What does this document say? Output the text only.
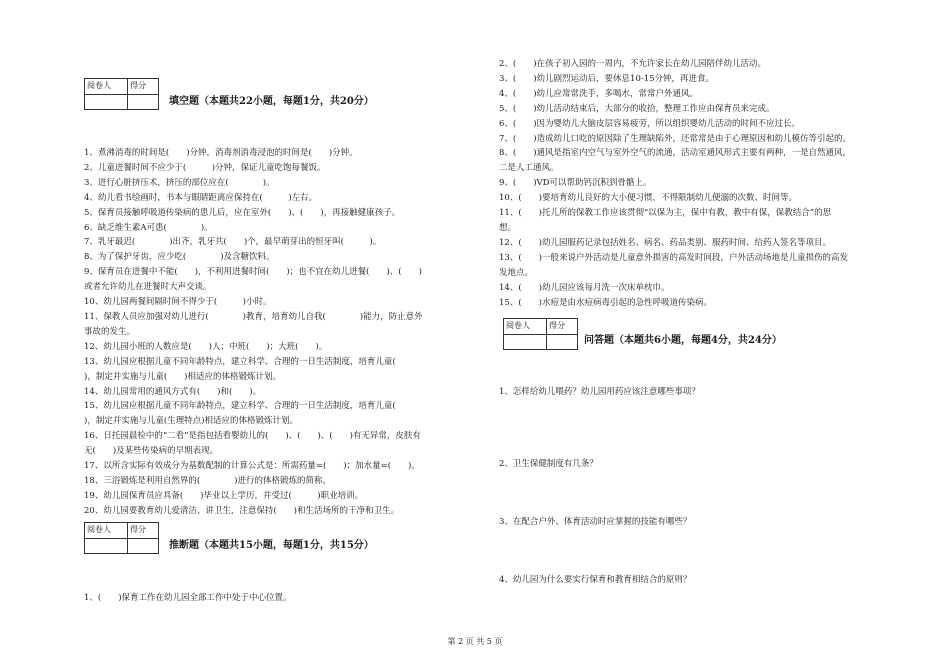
阅卷人	得分

填空题（本题共22小题，每题1分，共20分）
1、煮沸消毒的时间是(　　)分钟，消毒剂消毒浸泡的时间是(　　)分钟。
2、儿童进餐时间不应少于(　　　)分钟，保证儿童吃饱每餐饭。
3、进行心脏挤压术，挤压的部位应在(　　　　)。
4、幼儿看书绘画时，书本与眼睛距离应保持在(　　　)左右。
5、保育员接触呼吸道传染病的患儿后，应在室外(　　)、(　　)，再接触健康孩子。
6、缺乏维生素A可患(　　　　)。
7、乳牙最迟(　　　　)出齐，乳牙共(　　)个，最早萌芽出的恒牙叫(　　　)。
8、为了保护牙齿，应少吃(　　　　)及含糖饮料。
9、保育员在进餐中不能(　　)，不利用进餐时间(　　)；也不宜在幼儿进餐(　　)、(　　)
或者允许幼儿在进餐时大声交谈。
10、幼儿园两餐间隔时间不得少于(　　　)小时。
11、保教人员应加强对幼儿进行(　　　　)教育，培育幼儿自我(　　　　)能力，防止意外
事故的发生。
12、幼儿园小班的人数应是(　　)人；中班(　　)；大班(　　)。
13、幼儿园应根据儿童不同年龄特点，建立科学、合理的一日生活制度，培育儿童(　　
)，制定并实施与儿童(　　)相适应的体格锻炼计划。
14、幼儿园常用的通风方式有(　　)和(　　)。
15、幼儿园应根据儿童不同年龄特点，建立科学、合理的一日生活制度，培育儿童(　　
)，制定并实施与儿童(生理特点)相适应的体格锻炼计划。
16、日托园晨检中的“二看”是指包括看婴幼儿的(　　)、(　　)、(　　)有无异常，皮肤有
无(　　)及某些传染病的早期表现。
17、以所含实际有效成分为基数配制的计算公式是：所需药量=(　　)；加水量=(　　)。
18、三浴锻炼是利用自然界的(　　　　)进行的体格锻炼的简称。
19、幼儿园保育员应具备(　　)毕业以上学历，并受过(　　　)职业培训。
20、幼儿园要教育幼儿爱清洁、讲卫生，注意保持(　　)和生活场所的干净和卫生。
阅卷人	得分

推断题（本题共15小题，每题1分，共15分）
1、(　　)保育工作在幼儿园全部工作中处于中心位置。
2、(　　)在孩子初入园的一周内，不允许家长在幼儿园陪伴幼儿活动。
3、(　　)幼儿剧烈运动后，要休息10-15分钟，再进食。
4、(　　)幼儿应常常洗手，多喝水，常常户外通风。
5、(　　)幼儿活动结束后，大部分的收拾，整理工作应由保育员来完成。
6、(　　)因为婴幼儿大脑皮层容易疲劳，所以组织婴幼儿活动的时间不应过长。
7、(　　)造成幼儿口吃的原因除了生理缺陷外，还常常是由于心理原因和幼儿模仿等引起的。
8、(　　)通风是指室内空气与室外空气的流通，活动室通风形式主要有两种，一是自然通风，
二是人工通风。
9、(　　)VD可以帮助钙沉积到骨骼上。
10、(　　)要培育幼儿良好的大小便习惯，不得限制幼儿便溺的次数、时间等。
11、(　　)托儿所的保教工作应该贯彻“以保为主，保中有教，教中有保，保教结合”的思
想。
12、(　　)幼儿园服药记录包括姓名、病名、药品类别、服药时间、给药人签名等项目。
13、(　　)一般来说户外活动是儿童意外损害的高发时间段，户外活动场地是儿童损伤的高发
发地点。
14、(　　)幼儿园应该每月洗一次床单枕巾。
15、(　　)水痘是由水痘病毒引起的急性呼吸道传染病。
阅卷人	得分

问答题（本题共6小题，每题4分，共24分）
1、怎样给幼儿喂药？幼儿园用药应该注意哪些事项？
2、卫生保健制度有几条？
3、在配合户外、体育活动时应掌握的技能有哪些？
4、幼儿园为什么要实行保育和教育相结合的原则？
第 2 页 共 5 页
